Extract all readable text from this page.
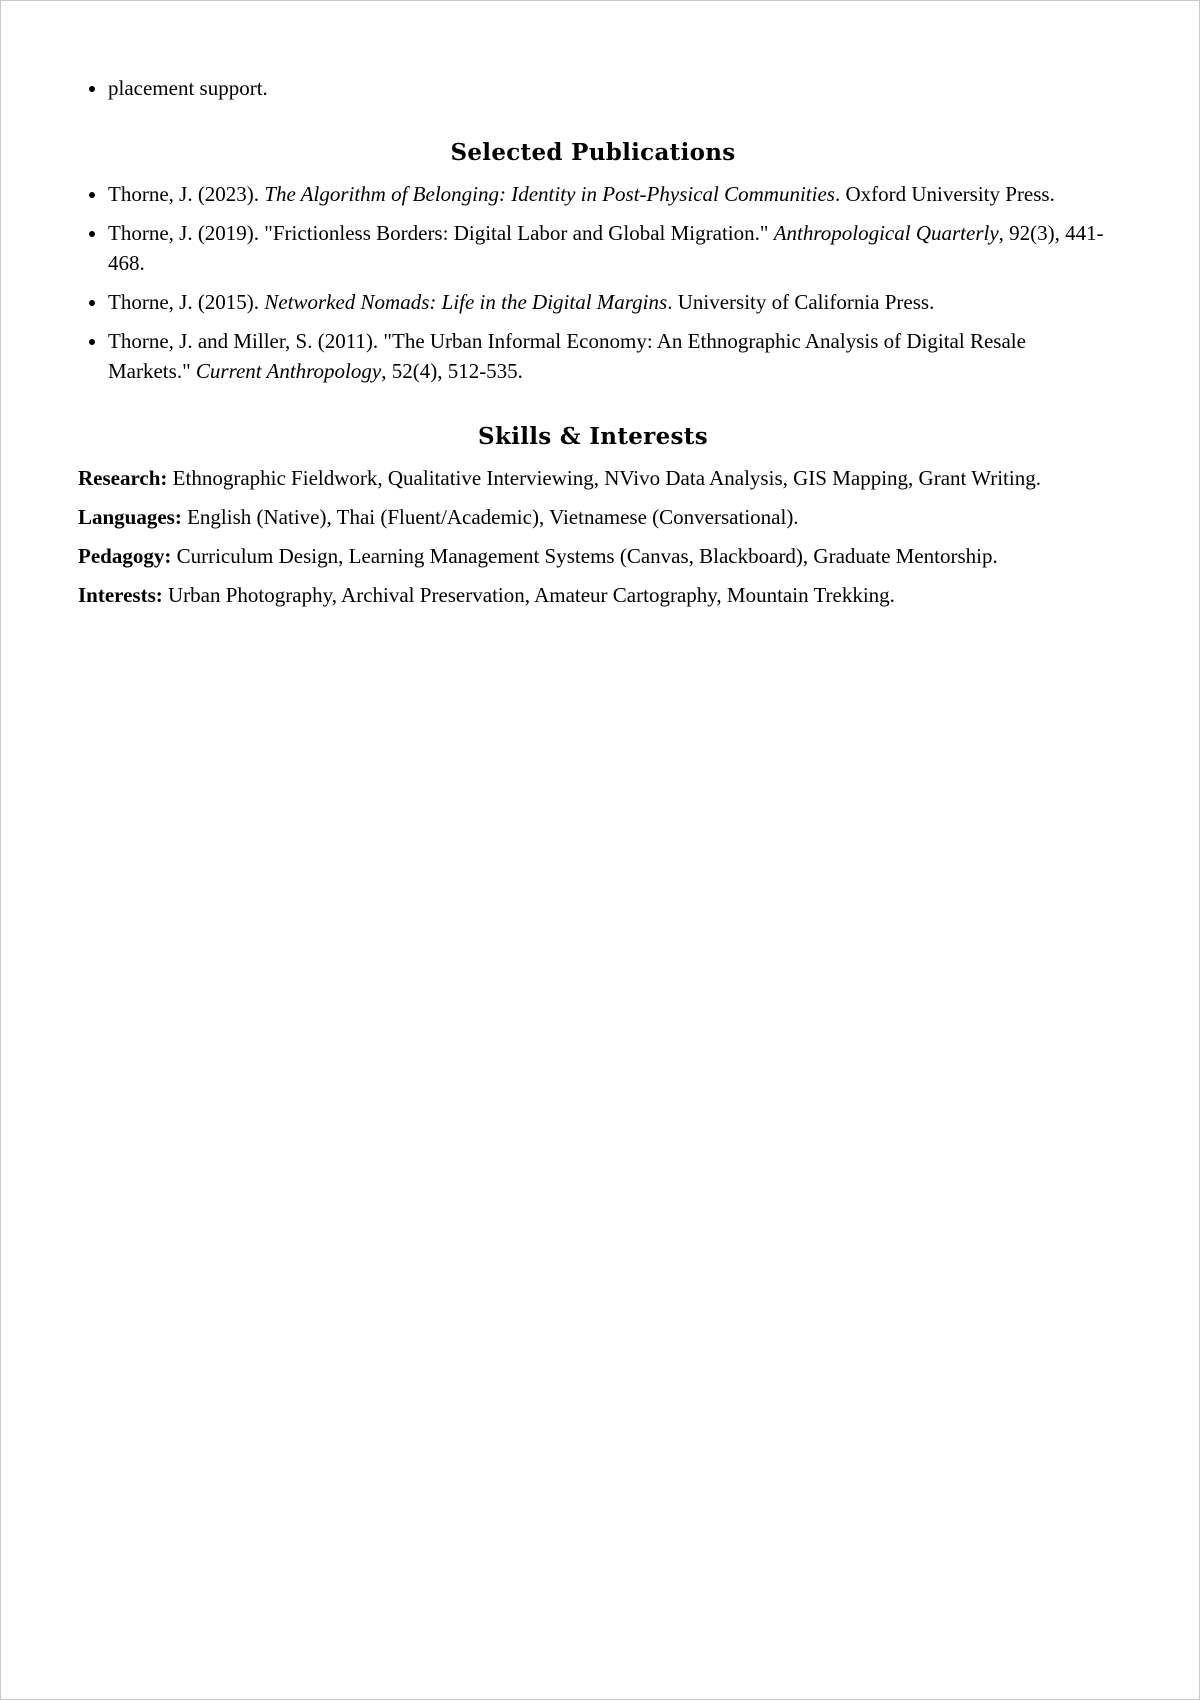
• placement support.
Selected Publications
• Thorne, J. (2023). The Algorithm of Belonging: Identity in Post-Physical Communities. Oxford University Press.
• Thorne, J. (2019). "Frictionless Borders: Digital Labor and Global Migration." Anthropological Quarterly, 92(3), 441-468.
• Thorne, J. (2015). Networked Nomads: Life in the Digital Margins. University of California Press.
• Thorne, J. and Miller, S. (2011). "The Urban Informal Economy: An Ethnographic Analysis of Digital Resale Markets." Current Anthropology, 52(4), 512-535.
Skills & Interests

Research: Ethnographic Fieldwork, Qualitative Interviewing, NVivo Data Analysis, GIS Mapping, Grant Writing.

Languages: English (Native), Thai (Fluent/Academic), Vietnamese (Conversational).

Pedagogy: Curriculum Design, Learning Management Systems (Canvas, Blackboard), Graduate Mentorship.

Interests: Urban Photography, Archival Preservation, Amateur Cartography, Mountain Trekking.
